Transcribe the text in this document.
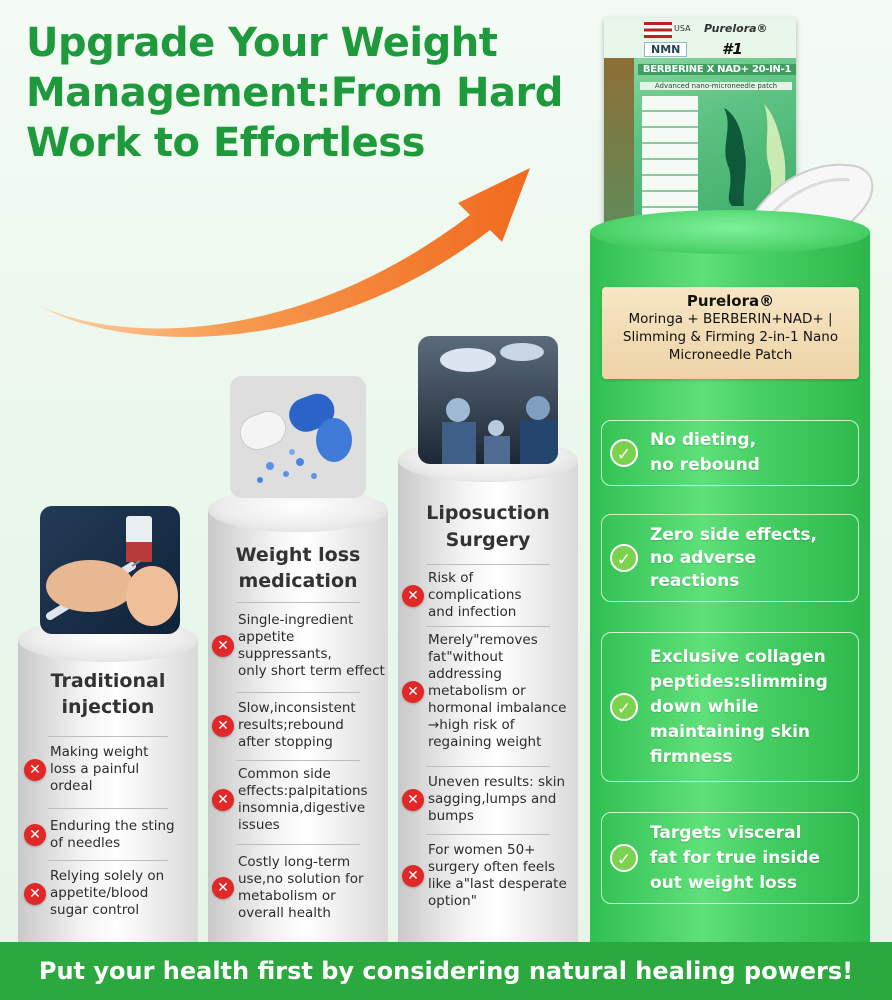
Upgrade Your Weight
Management:From Hard
Work to Effortless
USA Purelora®
NMN	#1
BERBERINE X NAD+ 20-IN-1
Advanced nano-microneedle patch
Traditional
injection
Weight loss
medication
Liposuction
Surgery
✕
Making weight
loss a painful
ordeal
✕
Enduring the sting
of needles
✕
Relying solely on
appetite/blood
sugar control
✕
Single-ingredient
appetite
suppressants,
only short term effect
✕
Slow,inconsistent
results;rebound
after stopping
✕
Common side
effects:palpitations
insomnia,digestive
issues
✕
Costly long-term
use,no solution for
metabolism or
overall health
✕
Risk of
complications
and infection
✕
Merely"removes
fat"without
addressing
metabolism or
hormonal imbalance
→high risk of
regaining weight
✕
Uneven results: skin
sagging,lumps and
bumps
✕
For women 50+
surgery often feels
like a"last desperate
option"
Purelora®
Moringa + BERBERIN+NAD+ |
Slimming & Firming 2-in-1 Nano
Microneedle Patch
✓
No dieting,
no rebound
✓
Zero side effects,
no adverse
reactions
✓
Exclusive collagen
peptides:slimming
down while
maintaining skin
firmness
✓
Targets visceral
fat for true inside
out weight loss
Put your health first by considering natural healing powers!
